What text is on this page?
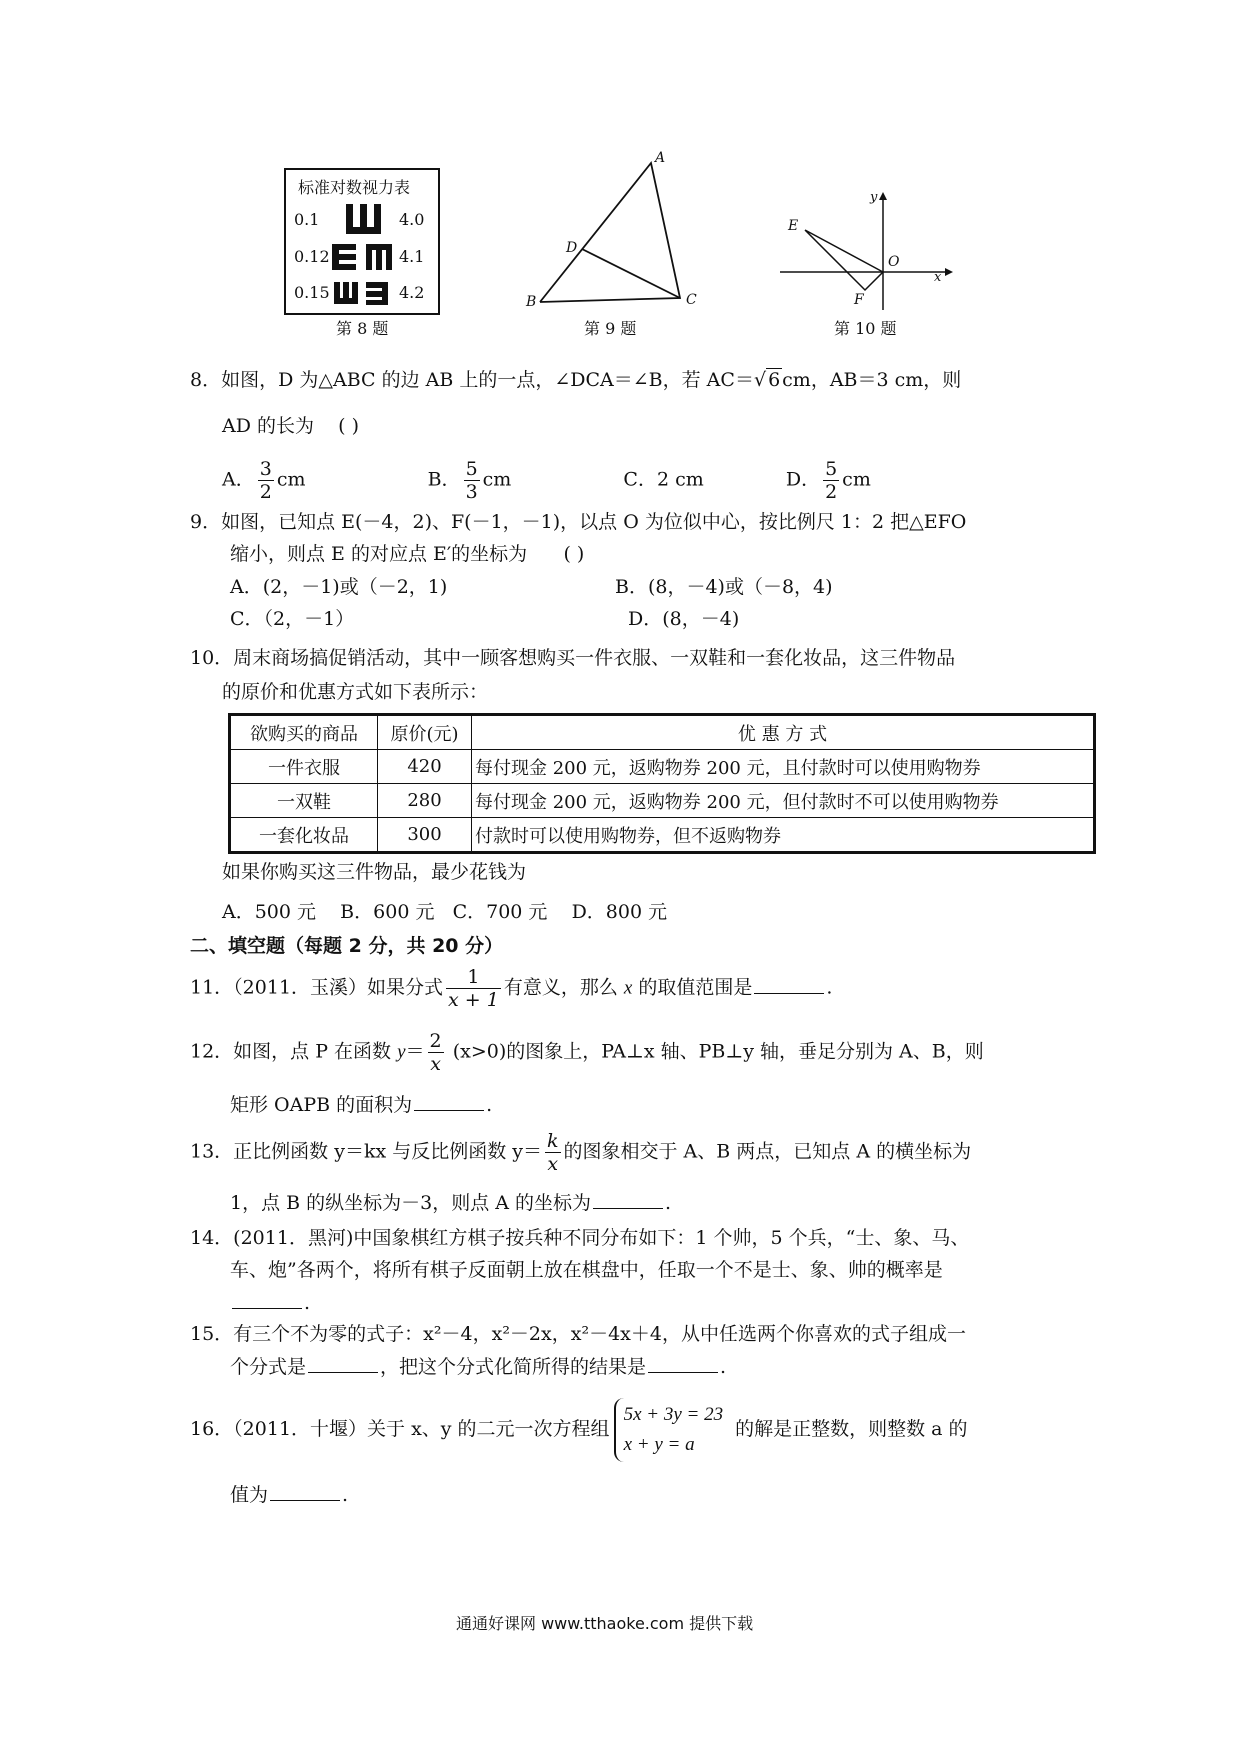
标准对数视力表
0.1	4.0
0.12	4.1
0.15	4.2
第 8 题
A
B	C
D
第 9 题
E
F
O
x
y
第 10 题
8．如图，D 为△ABC 的边 AB 上的一点，∠DCA＝∠B，若 AC＝√ 6 cm，AB＝3 cm，则
AD 的长为 ( )
A． $\frac{3}{2}$ cm	B． $\frac{5}{3}$ cm	C．2 cm	D． $\frac{5}{2}$ cm
9．如图，已知点 E(－4，2)、F(－1，－1)，以点 O 为位似中心，按比例尺 1：2 把△EFO
缩小，则点 E 的对应点 E′的坐标为 ( )
A．(2，－1)或（－2，1)	B．(8，－4)或（－8，4)
C．（2，－1）	D．(8，－4)
10．周末商场搞促销活动，其中一顾客想购买一件衣服、一双鞋和一套化妆品，这三件物品
的原价和优惠方式如下表所示：
欲购买的商品	原价(元)	优 惠 方 式
一件衣服	420	每付现金 200 元，返购物券 200 元，且付款时可以使用购物券
一双鞋	280	每付现金 200 元，返购物券 200 元，但付款时不可以使用购物券
一套化妆品	300	付款时可以使用购物券，但不返购物券
如果你购买这三件物品，最少花钱为
A．500 元    B．600 元   C．700 元    D．800 元
二、填空题（每题 2 分，共 20 分）
11．（2011．玉溪）如果分式 $\frac{1}{x + 1}$ 有意义，那么 x 的取值范围是	.
12．如图，点 P 在函数 $y= \frac{2}{x} (x>0)$的图象上，PA⊥x 轴、PB⊥y 轴，垂足分别为 A、B，则
矩形 OAPB 的面积为	.
13．正比例函数 y＝kx 与反比例函数 $y= \frac{k}{x}$ 的图象相交于 A、B 两点，已知点 A 的横坐标为
1，点 B 的纵坐标为－3，则点 A 的坐标为	.
14．(2011．黑河)中国象棋红方棋子按兵种不同分布如下：1 个帅，5 个兵，“士、象、马、
车、炮”各两个，将所有棋子反面朝上放在棋盘中，任取一个不是士、象、帅的概率是
.
15．有三个不为零的式子：x²－4，x²－2x，x²－4x＋4，从中任选两个你喜欢的式子组成一
个分式是	，把这个分式化简所得的结果是	.
16．（2011．十堰）关于 x、y 的二元一次方程组
5x + 3y = 23
x + y = a
的解是正整数，则整数 a 的
值为	.
通通好课网 www.tthaoke.com 提供下载
